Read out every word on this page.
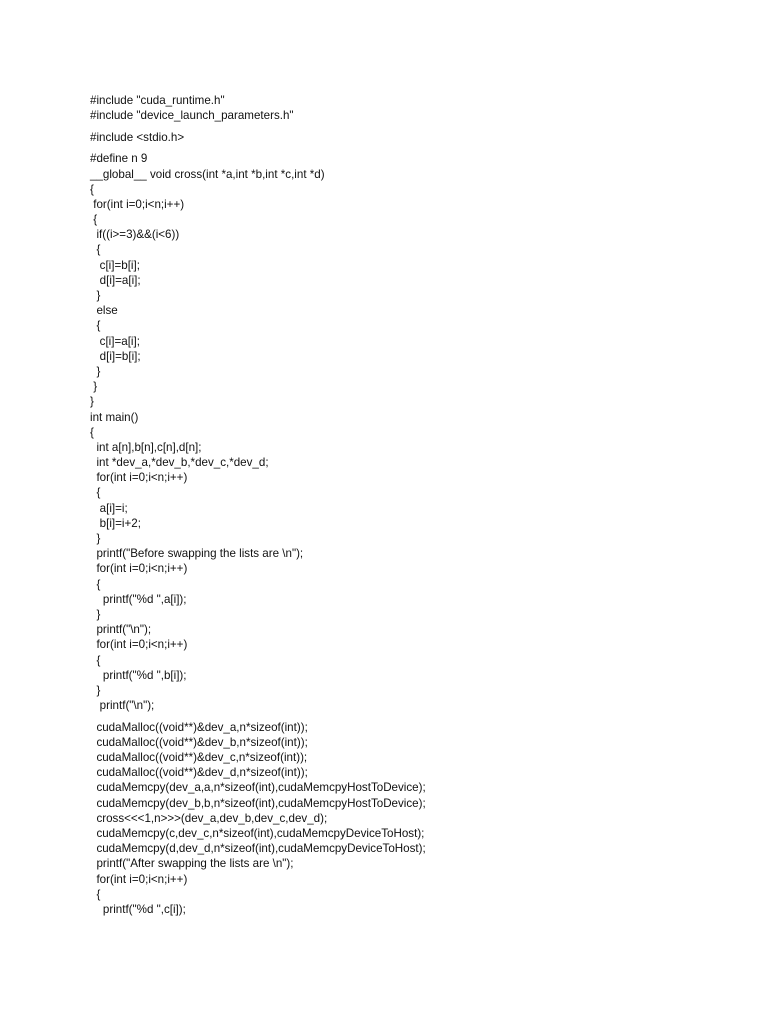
#include "cuda_runtime.h"
#include "device_launch_parameters.h"
#include <stdio.h>
#define n 9
__global__ void cross(int *a,int *b,int *c,int *d)
{
for(int i=0;i<n;i++)
{
if((i>=3)&&(i<6))
{
c[i]=b[i];
d[i]=a[i];
}
else
{
c[i]=a[i];
d[i]=b[i];
}
}
}
int main()
{
int a[n],b[n],c[n],d[n];
int *dev_a,*dev_b,*dev_c,*dev_d;
for(int i=0;i<n;i++)
{
a[i]=i;
b[i]=i+2;
}
printf("Before swapping the lists are \n");
for(int i=0;i<n;i++)
{
printf("%d ",a[i]);
}
printf("\n");
for(int i=0;i<n;i++)
{
printf("%d ",b[i]);
}
printf("\n");
cudaMalloc((void**)&dev_a,n*sizeof(int));
cudaMalloc((void**)&dev_b,n*sizeof(int));
cudaMalloc((void**)&dev_c,n*sizeof(int));
cudaMalloc((void**)&dev_d,n*sizeof(int));
cudaMemcpy(dev_a,a,n*sizeof(int),cudaMemcpyHostToDevice);
cudaMemcpy(dev_b,b,n*sizeof(int),cudaMemcpyHostToDevice);
cross<<<1,n>>>(dev_a,dev_b,dev_c,dev_d);
cudaMemcpy(c,dev_c,n*sizeof(int),cudaMemcpyDeviceToHost);
cudaMemcpy(d,dev_d,n*sizeof(int),cudaMemcpyDeviceToHost);
printf("After swapping the lists are \n");
for(int i=0;i<n;i++)
{
printf("%d ",c[i]);
